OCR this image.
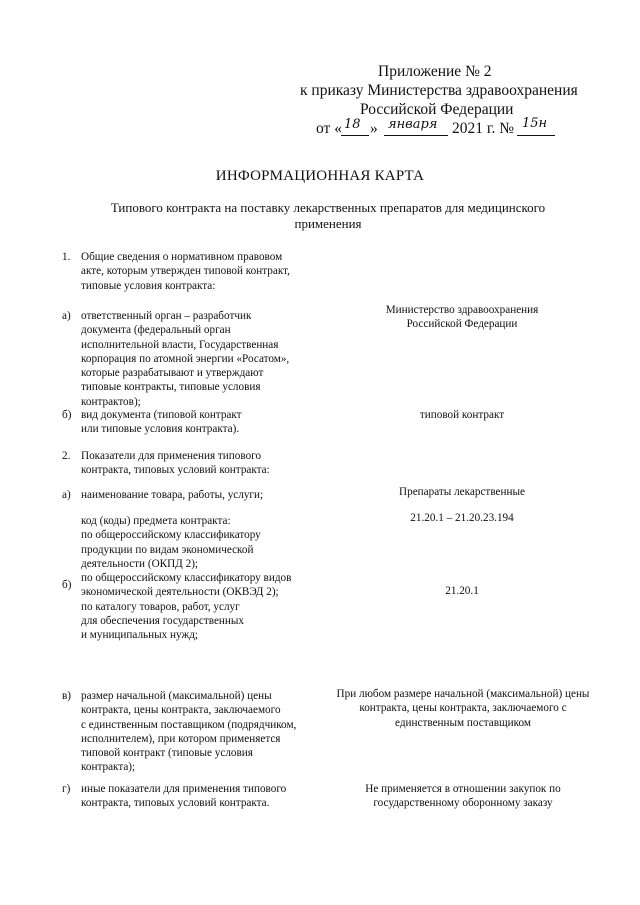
Приложение № 2
к приказу Министерства здравоохранения
Российской Федерации
от « 18 » января 2021 г. № 15н
ИНФОРМАЦИОННАЯ КАРТА
Типового контракта на поставку лекарственных препаратов для медицинского
применения
1. Общие сведения о нормативном правовом
акте, которым утвержден типовой контракт,
типовые условия контракта:
а) ответственный орган – разработчик
документа (федеральный орган
исполнительной власти, Государственная
корпорация по атомной энергии «Росатом»,
которые разрабатывают и утверждают
типовые контракты, типовые условия
контрактов);
Министерство здравоохранения
Российской Федерации
б) вид документа (типовой контракт
или типовые условия контракта).
типовой контракт
2. Показатели для применения типового
контракта, типовых условий контракта:
а) наименование товара, работы, услуги;	Препараты лекарственные
б)
код (коды) предмета контракта:
по общероссийскому классификатору
продукции по видам экономической
деятельности (ОКПД 2);
по общероссийскому классификатору видов
экономической деятельности (ОКВЭД 2);
по каталогу товаров, работ, услуг
для обеспечения государственных
и муниципальных нужд;
21.20.1 – 21.20.23.194
21.20.1
в) размер начальной (максимальной) цены
контракта, цены контракта, заключаемого
с единственным поставщиком (подрядчиком,
исполнителем), при котором применяется
типовой контракт (типовые условия
контракта);
При любом размере начальной (максимальной) цены
контракта, цены контракта, заключаемого с
единственным поставщиком
г) иные показатели для применения типового
контракта, типовых условий контракта.
Не применяется в отношении закупок по
государственному оборонному заказу
